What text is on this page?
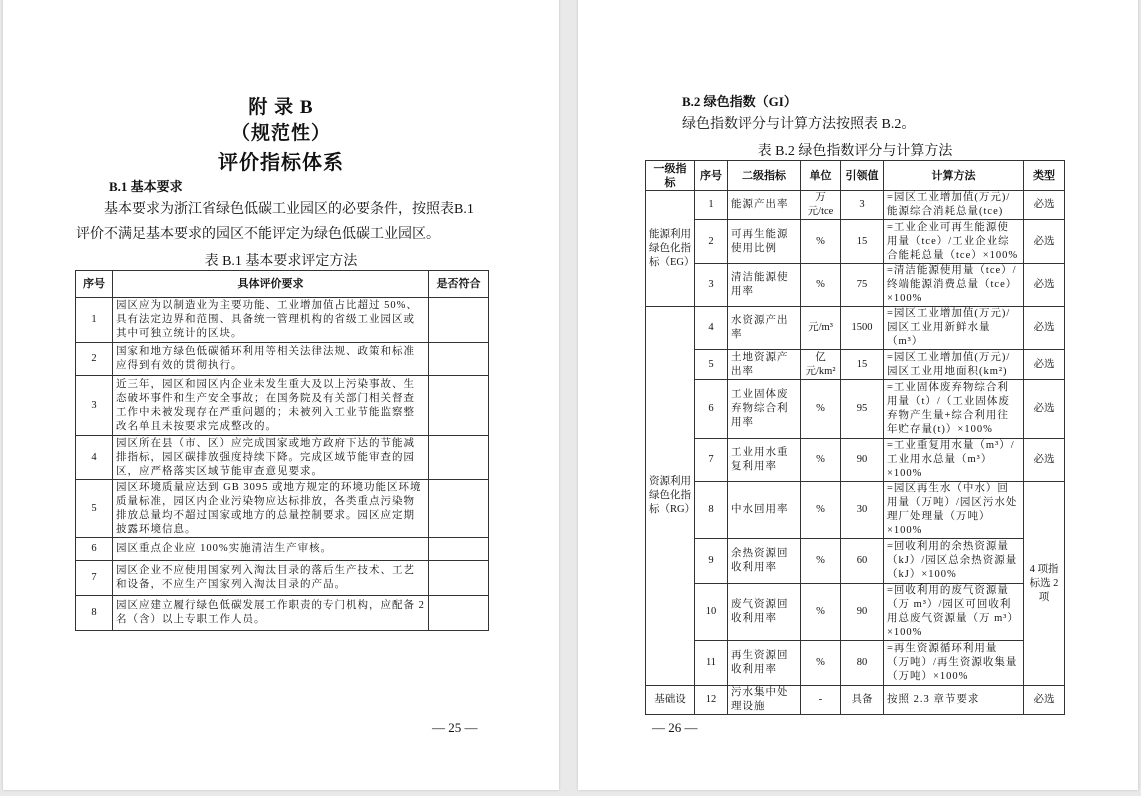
附 录 B
（规范性）
评价指标体系
B.1 基本要求
基本要求为浙江省绿色低碳工业园区的必要条件，按照表B.1 评价不满足基本要求的园区不能评定为绿色低碳工业园区。
表 B.1 基本要求评定方法
序号	具体评价要求	是否符合
1	园区应为以制造业为主要功能、工业增加值占比超过 50%、具有法定边界和范围、具备统一管理机构的省级工业园区或其中可独立统计的区块。	
2	国家和地方绿色低碳循环利用等相关法律法规、政策和标准应得到有效的贯彻执行。	
3	近三年，园区和园区内企业未发生重大及以上污染事故、生态破坏事件和生产安全事故；在国务院及有关部门相关督查工作中未被发现存在严重问题的；未被列入工业节能监察整改名单且未按要求完成整改的。	
4	园区所在县（市、区）应完成国家或地方政府下达的节能减排指标，园区碳排放强度持续下降。完成区域节能审查的园区，应严格落实区域节能审查意见要求。	
5	园区环境质量应达到 GB 3095 或地方规定的环境功能区环境质量标准，园区内企业污染物应达标排放，各类重点污染物排放总量均不超过国家或地方的总量控制要求。园区应定期披露环境信息。	
6	园区重点企业应 100%实施清洁生产审核。	
7	园区企业不应使用国家列入淘汰目录的落后生产技术、工艺和设备，不应生产国家列入淘汰目录的产品。	
8	园区应建立履行绿色低碳发展工作职责的专门机构，应配备 2 名（含）以上专职工作人员。	
— 25 —
B.2 绿色指数（GI）
绿色指数评分与计算方法按照表 B.2。
表 B.2 绿色指数评分与计算方法
一级指标	序号	二级指标	单位	引领值	计算方法	类型
能源利用绿色化指标（EG）	1	能源产出率	万元/tce	3	=园区工业增加值(万元)/能源综合消耗总量(tce)	必选
	2	可再生能源使用比例	%	15	=工业企业可再生能源使用量（tce）/工业企业综合能耗总量（tce）×100%	必选
	3	清洁能源使用率	%	75	=清洁能源使用量（tce）/终端能源消费总量（tce）×100%	必选
资源利用绿色化指标（RG）	4	水资源产出率	元/m³	1500	=园区工业增加值(万元)/园区工业用新鲜水量（m³）	必选
	5	土地资源产出率	亿元/km²	15	=园区工业增加值(万元)/园区工业用地面积(km²)	必选
	6	工业固体废弃物综合利用率	%	95	=工业固体废弃物综合利用量（t）/（工业固体废弃物产生量+综合利用往年贮存量(t)）×100%	必选
	7	工业用水重复利用率	%	90	=工业重复用水量（m³）/工业用水总量（m³）×100%	必选
	8	中水回用率	%	30	=园区再生水（中水）回用量（万吨）/园区污水处理厂处理量（万吨）×100%	4 项指标选 2 项
	9	余热资源回收利用率	%	60	=回收利用的余热资源量（kJ）/园区总余热资源量（kJ）×100%	
	10	废气资源回收利用率	%	90	=回收利用的废气资源量（万 m³）/园区可回收利用总废气资源量（万 m³）×100%	
	11	再生资源回收利用率	%	80	=再生资源循环利用量（万吨）/再生资源收集量（万吨）×100%	
基础设	12	污水集中处理设施	-	具备	按照 2.3 章节要求	必选
— 26 —
